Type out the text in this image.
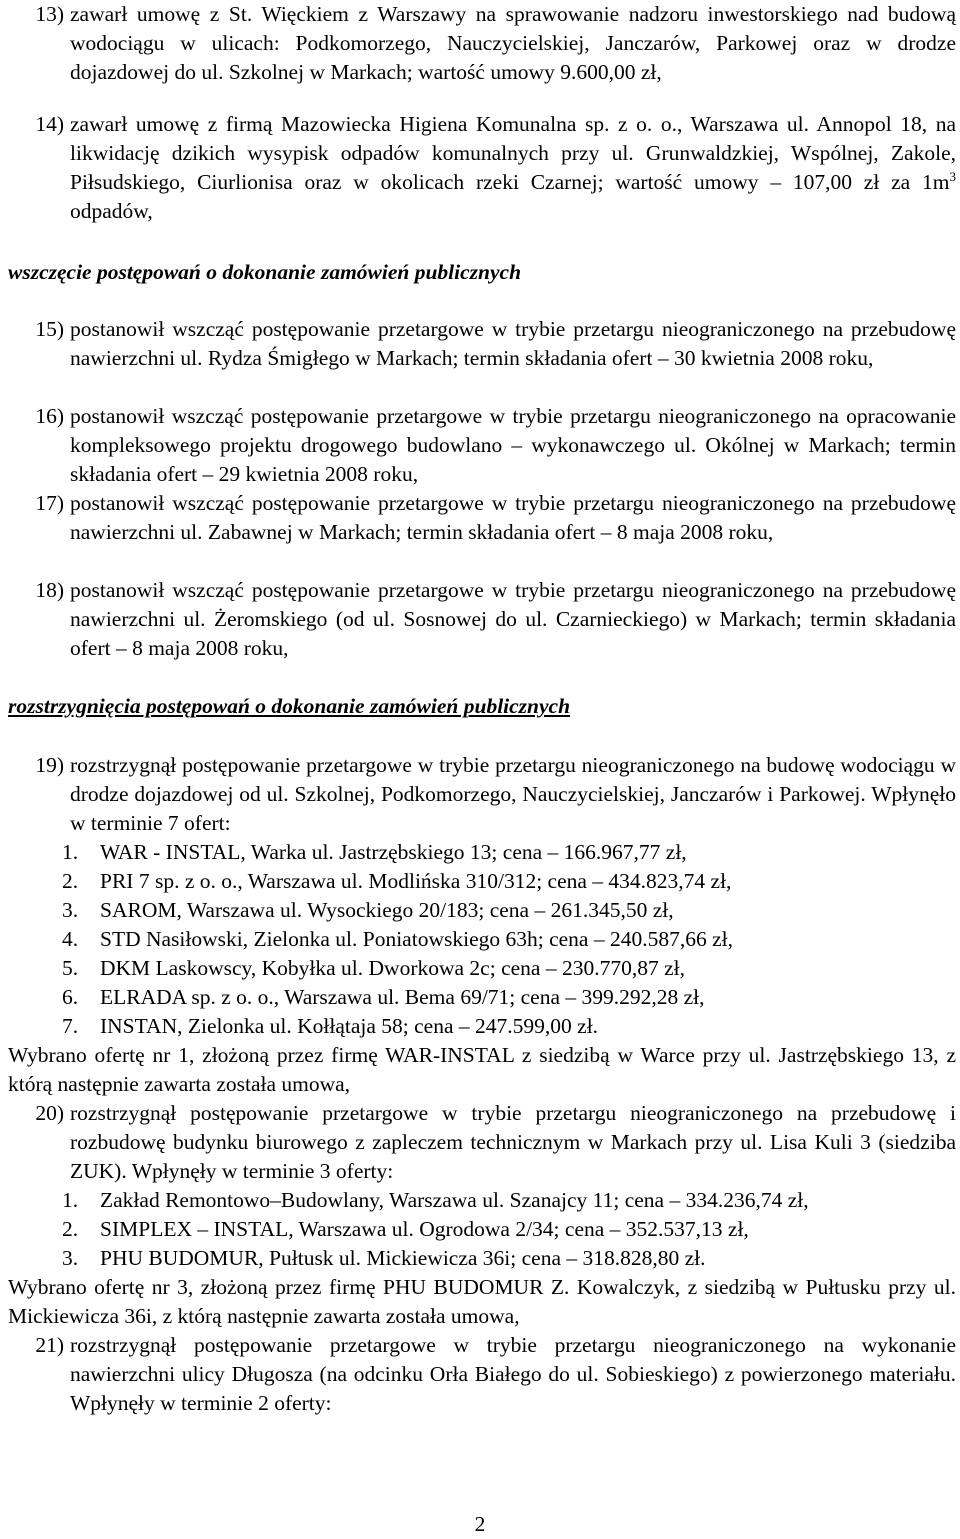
13) zawarł umowę z St. Więckiem z Warszawy na sprawowanie nadzoru inwestorskiego nad budową wodociągu w ulicach: Podkomorzego, Nauczycielskiej, Janczarów, Parkowej oraz w drodze dojazdowej do ul. Szkolnej w Markach; wartość umowy 9.600,00 zł,
14) zawarł umowę z firmą Mazowiecka Higiena Komunalna sp. z o. o., Warszawa ul. Annopol 18, na likwidację dzikich wysypisk odpadów komunalnych przy ul. Grunwaldzkiej, Wspólnej, Zakole, Piłsudskiego, Ciurlionisa oraz w okolicach rzeki Czarnej; wartość umowy – 107,00 zł za $1m^3$ odpadów,
wszczęcie postępowań o dokonanie zamówień publicznych
15) postanowił wszcząć postępowanie przetargowe w trybie przetargu nieograniczonego na przebudowę nawierzchni ul. Rydza Śmigłego w Markach; termin składania ofert – 30 kwietnia 2008 roku,
16) postanowił wszcząć postępowanie przetargowe w trybie przetargu nieograniczonego na opracowanie kompleksowego projektu drogowego budowlano – wykonawczego ul. Okólnej w Markach; termin składania ofert – 29 kwietnia 2008 roku,
17) postanowił wszcząć postępowanie przetargowe w trybie przetargu nieograniczonego na przebudowę nawierzchni ul. Zabawnej w Markach; termin składania ofert – 8 maja 2008 roku,
18) postanowił wszcząć postępowanie przetargowe w trybie przetargu nieograniczonego na przebudowę nawierzchni ul. Żeromskiego (od ul. Sosnowej do ul. Czarnieckiego) w Markach; termin składania ofert – 8 maja 2008 roku,
rozstrzygnięcia postępowań o dokonanie zamówień publicznych
19) rozstrzygnął postępowanie przetargowe w trybie przetargu nieograniczonego na budowę wodociągu w drodze dojazdowej od ul. Szkolnej, Podkomorzego, Nauczycielskiej, Janczarów i Parkowej. Wpłynęło w terminie 7 ofert:
1. WAR - INSTAL, Warka ul. Jastrzębskiego 13; cena – 166.967,77 zł,
2. PRI 7 sp. z o. o., Warszawa ul. Modlińska 310/312; cena – 434.823,74 zł,
3. SAROM, Warszawa ul. Wysockiego 20/183; cena – 261.345,50 zł,
4. STD Nasiłowski, Zielonka ul. Poniatowskiego 63h; cena – 240.587,66 zł,
5. DKM Laskowscy, Kobyłka ul. Dworkowa 2c; cena – 230.770,87 zł,
6. ELRADA sp. z o. o., Warszawa ul. Bema 69/71; cena – 399.292,28 zł,
7. INSTAN, Zielonka ul. Kołłątaja 58; cena – 247.599,00 zł.
Wybrano ofertę nr 1, złożoną przez firmę WAR-INSTAL z siedzibą w Warce przy ul. Jastrzębskiego 13, z którą następnie zawarta została umowa,
20) rozstrzygnął postępowanie przetargowe w trybie przetargu nieograniczonego na przebudowę i rozbudowę budynku biurowego z zapleczem technicznym w Markach przy ul. Lisa Kuli 3 (siedziba ZUK). Wpłynęły w terminie 3 oferty:
1. Zakład Remontowo–Budowlany, Warszawa ul. Szanajcy 11; cena – 334.236,74 zł,
2. SIMPLEX – INSTAL, Warszawa ul. Ogrodowa 2/34; cena – 352.537,13 zł,
3. PHU BUDOMUR, Pułtusk ul. Mickiewicza 36i; cena – 318.828,80 zł.
Wybrano ofertę nr 3, złożoną przez firmę PHU BUDOMUR Z. Kowalczyk, z siedzibą w Pułtusku przy ul. Mickiewicza 36i, z którą następnie zawarta została umowa,
21) rozstrzygnął postępowanie przetargowe w trybie przetargu nieograniczonego na wykonanie nawierzchni ulicy Długosza (na odcinku Orła Białego do ul. Sobieskiego) z powierzonego materiału. Wpłynęły w terminie 2 oferty:
2
